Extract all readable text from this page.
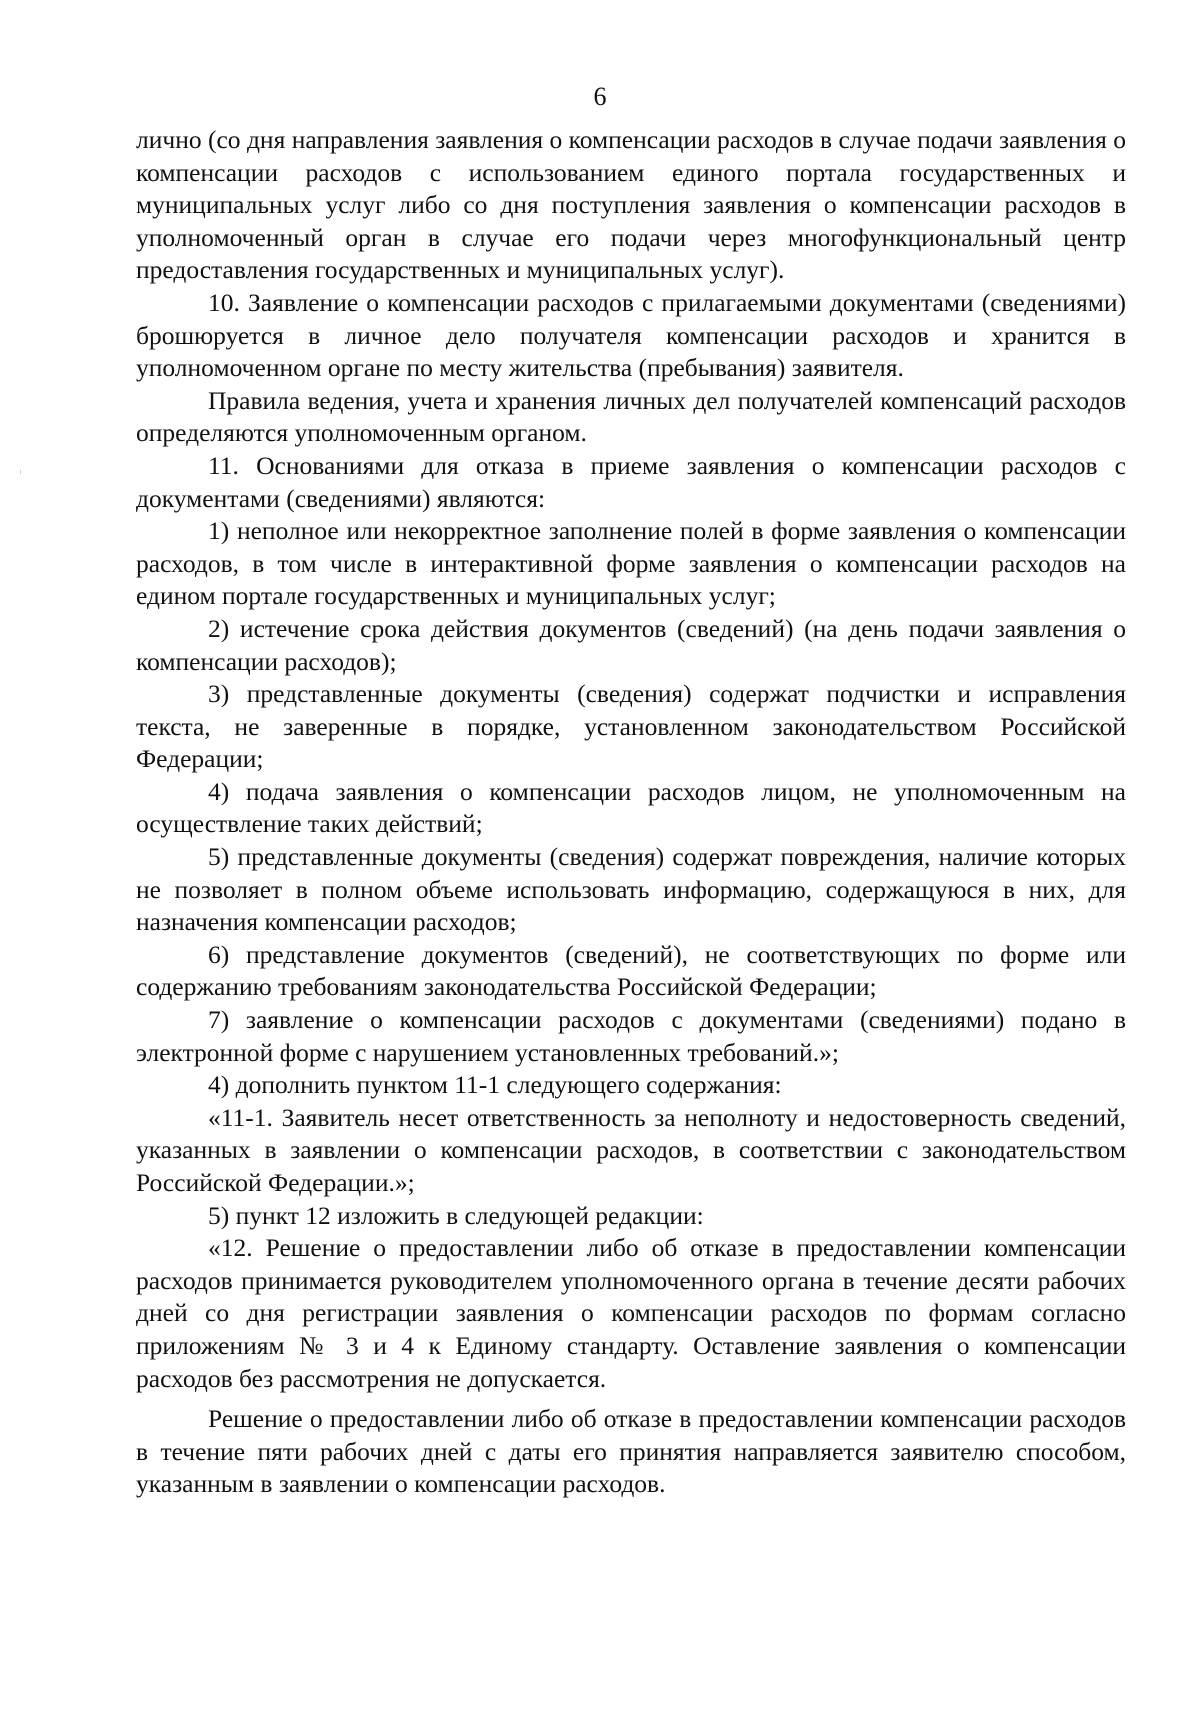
6

лично (со дня направления заявления о компенсации расходов в случае подачи заявления о компенсации расходов с использованием единого портала государственных и муниципальных услуг либо со дня поступления заявления о компенсации расходов в уполномоченный орган в случае его подачи через многофункциональный центр предоставления государственных и муниципальных услуг).

10. Заявление о компенсации расходов с прилагаемыми документами (сведениями) брошюруется в личное дело получателя компенсации расходов и хранится в уполномоченном органе по месту жительства (пребывания) заявителя.

Правила ведения, учета и хранения личных дел получателей компенсаций расходов определяются уполномоченным органом.

11. Основаниями для отказа в приеме заявления о компенсации расходов с документами (сведениями) являются:

1) неполное или некорректное заполнение полей в форме заявления о компенсации расходов, в том числе в интерактивной форме заявления о компенсации расходов на едином портале государственных и муниципальных услуг;

2) истечение срока действия документов (сведений) (на день подачи заявления о компенсации расходов);

3) представленные документы (сведения) содержат подчистки и исправления текста, не заверенные в порядке, установленном законодательством Российской Федерации;

4) подача заявления о компенсации расходов лицом, не уполномоченным на осуществление таких действий;

5) представленные документы (сведения) содержат повреждения, наличие которых не позволяет в полном объеме использовать информацию, содержащуюся в них, для назначения компенсации расходов;

6) представление документов (сведений), не соответствующих по форме или содержанию требованиям законодательства Российской Федерации;

7) заявление о компенсации расходов с документами (сведениями) подано в электронной форме с нарушением установленных требований.»;

4) дополнить пунктом 11-1 следующего содержания:

«11-1. Заявитель несет ответственность за неполноту и недостоверность сведений, указанных в заявлении о компенсации расходов, в соответствии с законодательством Российской Федерации.»;

5) пункт 12 изложить в следующей редакции:

«12. Решение о предоставлении либо об отказе в предоставлении компенсации расходов принимается руководителем уполномоченного органа в течение десяти рабочих дней со дня регистрации заявления о компенсации расходов по формам согласно приложениям № 3 и 4 к Единому стандарту. Оставление заявления о компенсации расходов без рассмотрения не допускается.

Решение о предоставлении либо об отказе в предоставлении компенсации расходов в течение пяти рабочих дней с даты его принятия направляется заявителю способом, указанным в заявлении о компенсации расходов.
